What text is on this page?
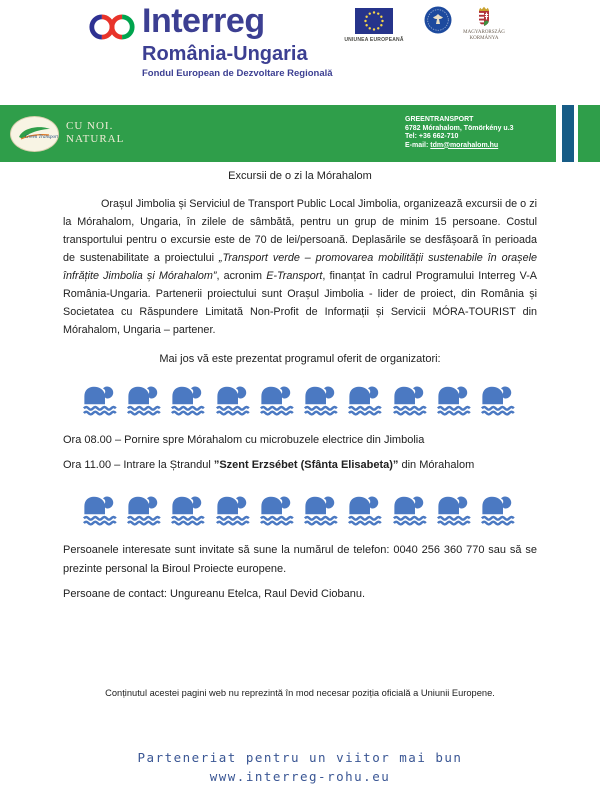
Interreg
România-Ungaria
Fondul European de Dezvoltare Regională
UNIUNEA EUROPEANĂ
MAGYARORSZÁG
KORMÁNYA
Green Transport
CU NOI.
NATURAL
GREENTRANSPORT
6782 Mórahalom, Tömörkény u.3
Tel: +36 662-710
E-mail: tdm@morahalom.hu

Excursii de o zi la Mórahalom

Orașul Jimbolia și Serviciul de Transport Public Local Jimbolia, organizează excursii de o zi la Mórahalom, Ungaria, în zilele de sâmbătă, pentru un grup de minim 15 persoane. Costul transportului pentru o excursie este de 70 de lei/persoană. Deplasările se desfășoară în perioada de sustenabilitate a proiectului „Transport verde – promovarea mobilității sustenabile în orașele înfrățite Jimbolia și Mórahalom”, acronim E-Transport, finanțat în cadrul Programului Interreg V-A România-Ungaria. Partenerii proiectului sunt Orașul Jimbolia - lider de proiect, din România și Societatea cu Răspundere Limitată Non-Profit de Informații și Servicii MÓRA-TOURIST din Mórahalom, Ungaria – partener.

Mai jos vă este prezentat programul oferit de organizatori:

Ora 08.00 – Pornire spre Mórahalom cu microbuzele electrice din Jimbolia

Ora 11.00 – Intrare la Ștrandul ”Szent Erzsébet (Sfânta Elisabeta)” din Mórahalom

Persoanele interesate sunt invitate să sune la numărul de telefon: 0040 256 360 770 sau să se prezinte personal la Biroul Proiecte europene.

Persoane de contact: Ungureanu Etelca, Raul Devid Ciobanu.

Conținutul acestei pagini web nu reprezintă în mod necesar poziția oficială a Uniunii Europene.
Parteneriat pentru un viitor mai bun
www.interreg-rohu.eu
